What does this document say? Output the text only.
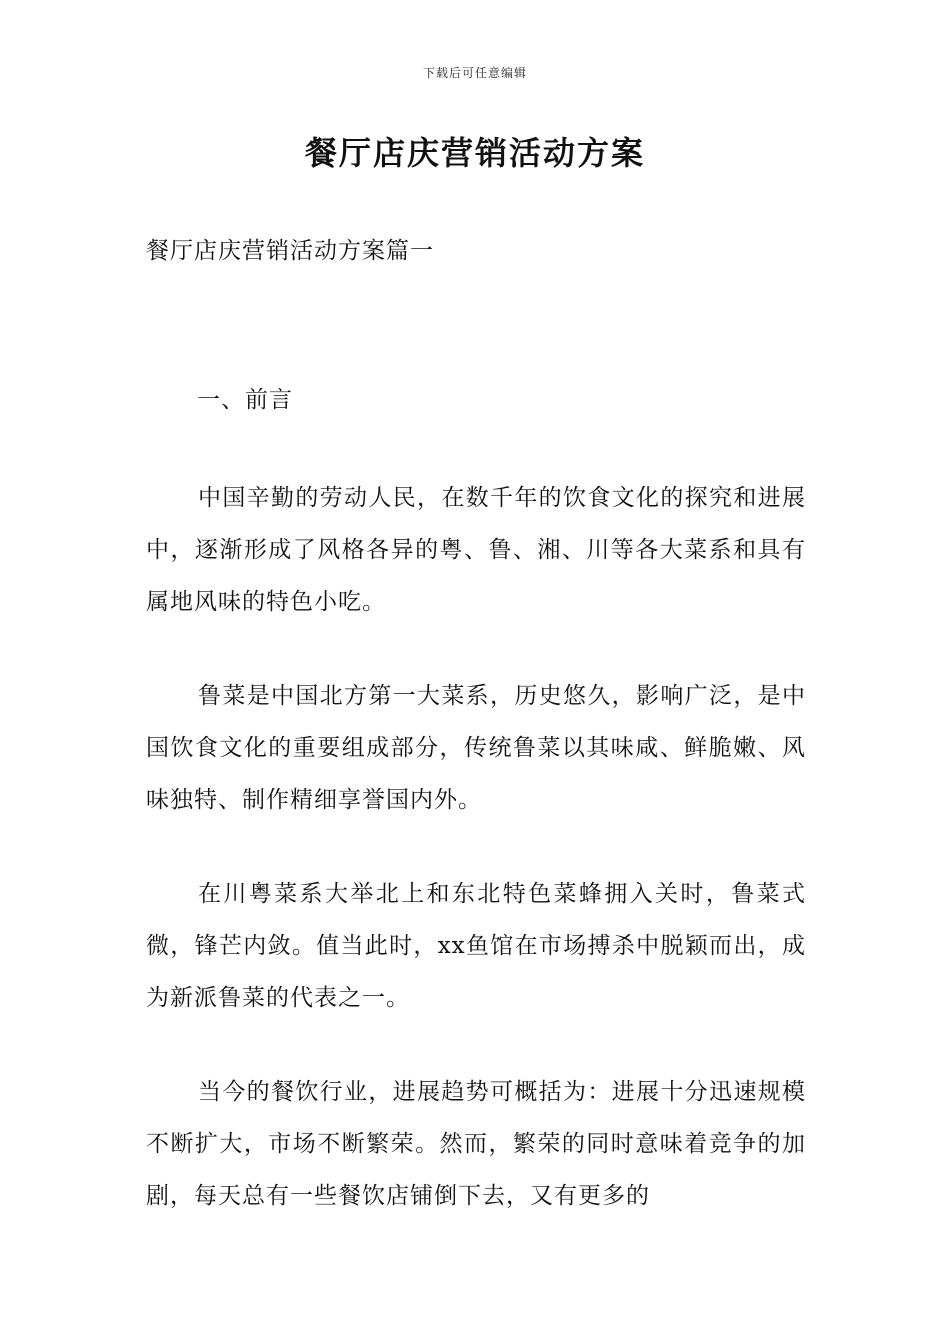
下载后可任意编辑
餐厅店庆营销活动方案
餐厅店庆营销活动方案篇一
一、前言

中国辛勤的劳动人民，在数千年的饮食文化的探究和进展中，逐渐形成了风格各异的粤、鲁、湘、川等各大菜系和具有属地风味的特色小吃。

鲁菜是中国北方第一大菜系，历史悠久，影响广泛，是中国饮食文化的重要组成部分，传统鲁菜以其味咸、鲜脆嫩、风味独特、制作精细享誉国内外。

在川粤菜系大举北上和东北特色菜蜂拥入关时，鲁菜式微，锋芒内敛。值当此时，xx鱼馆在市场搏杀中脱颖而出，成为新派鲁菜的代表之一。

当今的餐饮行业，进展趋势可概括为：进展十分迅速规模不断扩大，市场不断繁荣。然而，繁荣的同时意味着竞争的加剧，每天总有一些餐饮店铺倒下去，又有更多的
